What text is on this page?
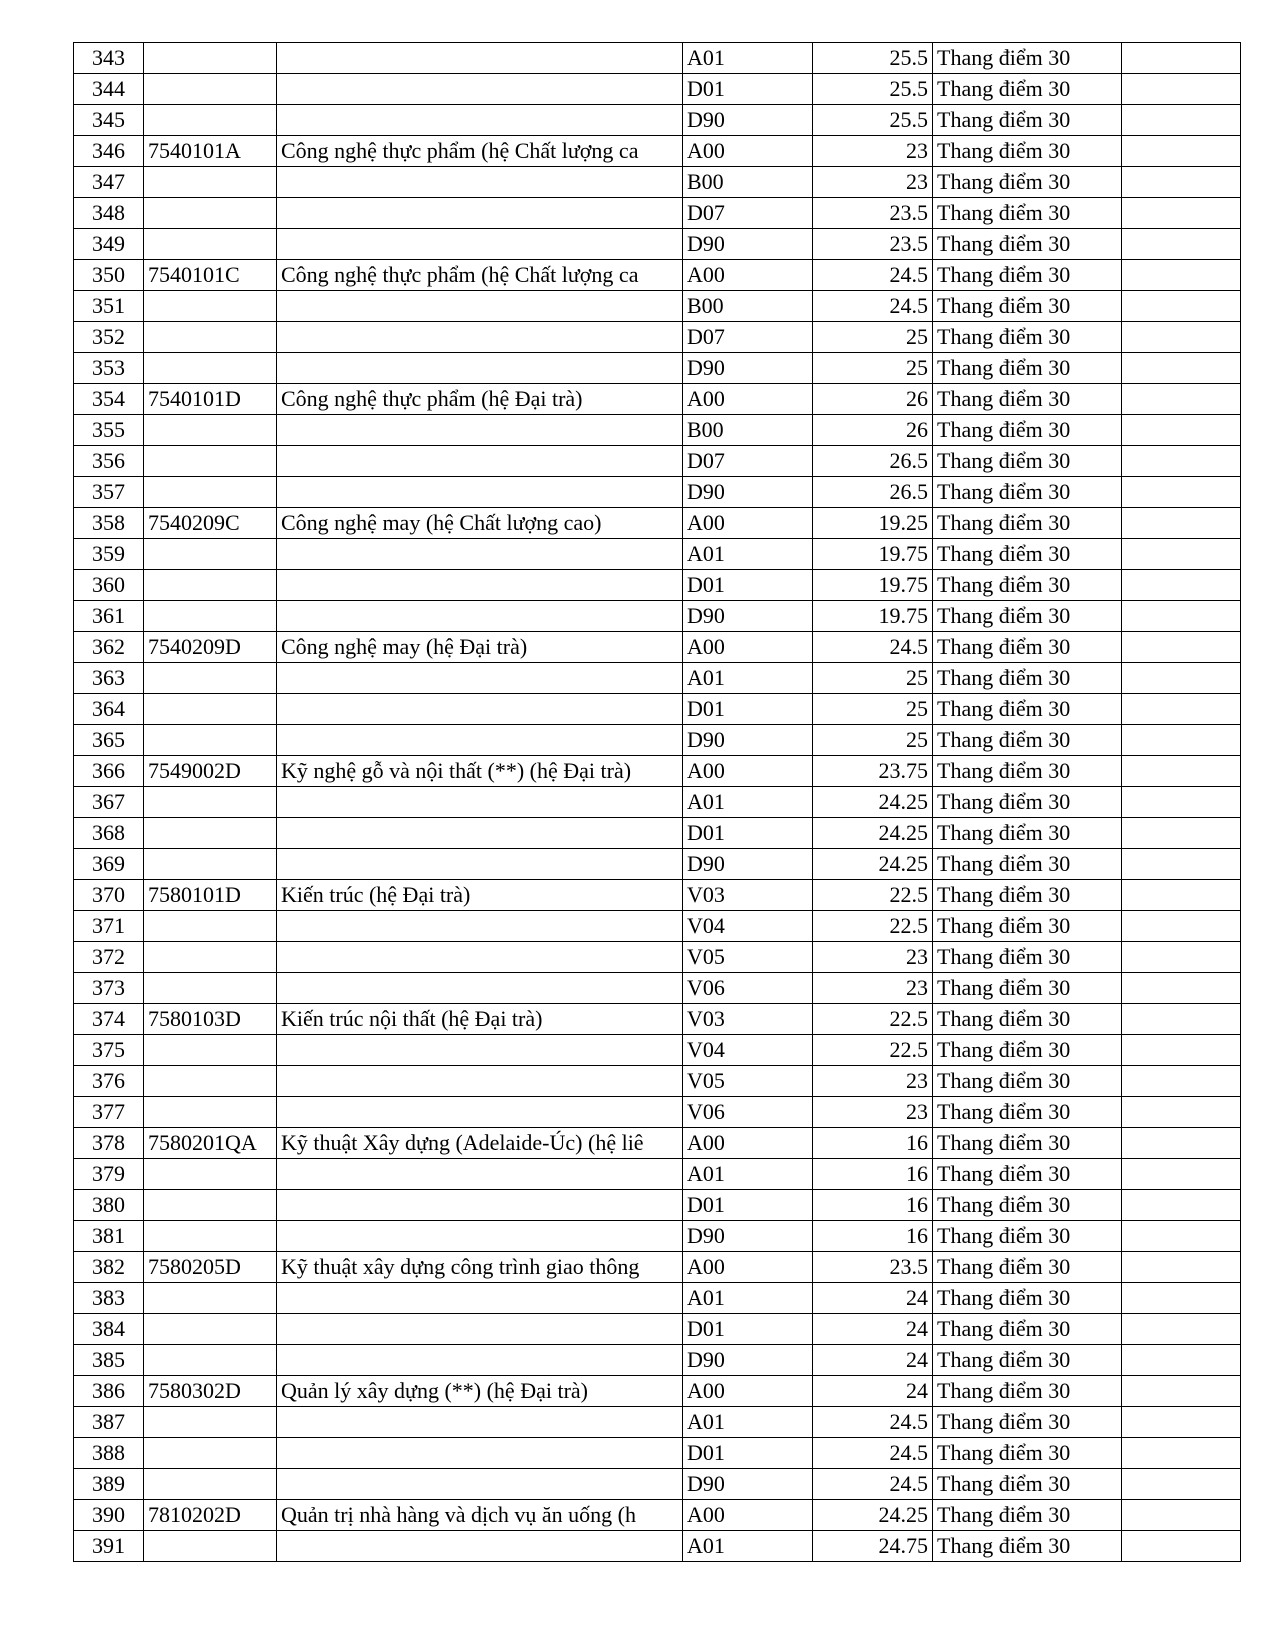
343			A01	25.5	Thang điểm 30	
344			D01	25.5	Thang điểm 30	
345			D90	25.5	Thang điểm 30	
346	7540101A	Công nghệ thực phẩm (hệ Chất lượng ca	A00	23	Thang điểm 30	
347			B00	23	Thang điểm 30	
348			D07	23.5	Thang điểm 30	
349			D90	23.5	Thang điểm 30	
350	7540101C	Công nghệ thực phẩm (hệ Chất lượng ca	A00	24.5	Thang điểm 30	
351			B00	24.5	Thang điểm 30	
352			D07	25	Thang điểm 30	
353			D90	25	Thang điểm 30	
354	7540101D	Công nghệ thực phẩm (hệ Đại trà)	A00	26	Thang điểm 30	
355			B00	26	Thang điểm 30	
356			D07	26.5	Thang điểm 30	
357			D90	26.5	Thang điểm 30	
358	7540209C	Công nghệ may (hệ Chất lượng cao)	A00	19.25	Thang điểm 30	
359			A01	19.75	Thang điểm 30	
360			D01	19.75	Thang điểm 30	
361			D90	19.75	Thang điểm 30	
362	7540209D	Công nghệ may (hệ Đại trà)	A00	24.5	Thang điểm 30	
363			A01	25	Thang điểm 30	
364			D01	25	Thang điểm 30	
365			D90	25	Thang điểm 30	
366	7549002D	Kỹ nghệ gỗ và nội thất (**) (hệ Đại trà)	A00	23.75	Thang điểm 30	
367			A01	24.25	Thang điểm 30	
368			D01	24.25	Thang điểm 30	
369			D90	24.25	Thang điểm 30	
370	7580101D	Kiến trúc (hệ Đại trà)	V03	22.5	Thang điểm 30	
371			V04	22.5	Thang điểm 30	
372			V05	23	Thang điểm 30	
373			V06	23	Thang điểm 30	
374	7580103D	Kiến trúc nội thất (hệ Đại trà)	V03	22.5	Thang điểm 30	
375			V04	22.5	Thang điểm 30	
376			V05	23	Thang điểm 30	
377			V06	23	Thang điểm 30	
378	7580201QA	Kỹ thuật Xây dựng (Adelaide-Úc) (hệ liê	A00	16	Thang điểm 30	
379			A01	16	Thang điểm 30	
380			D01	16	Thang điểm 30	
381			D90	16	Thang điểm 30	
382	7580205D	Kỹ thuật xây dựng công trình giao thông	A00	23.5	Thang điểm 30	
383			A01	24	Thang điểm 30	
384			D01	24	Thang điểm 30	
385			D90	24	Thang điểm 30	
386	7580302D	Quản lý xây dựng (**) (hệ Đại trà)	A00	24	Thang điểm 30	
387			A01	24.5	Thang điểm 30	
388			D01	24.5	Thang điểm 30	
389			D90	24.5	Thang điểm 30	
390	7810202D	Quản trị nhà hàng và dịch vụ ăn uống (h	A00	24.25	Thang điểm 30	
391			A01	24.75	Thang điểm 30	
